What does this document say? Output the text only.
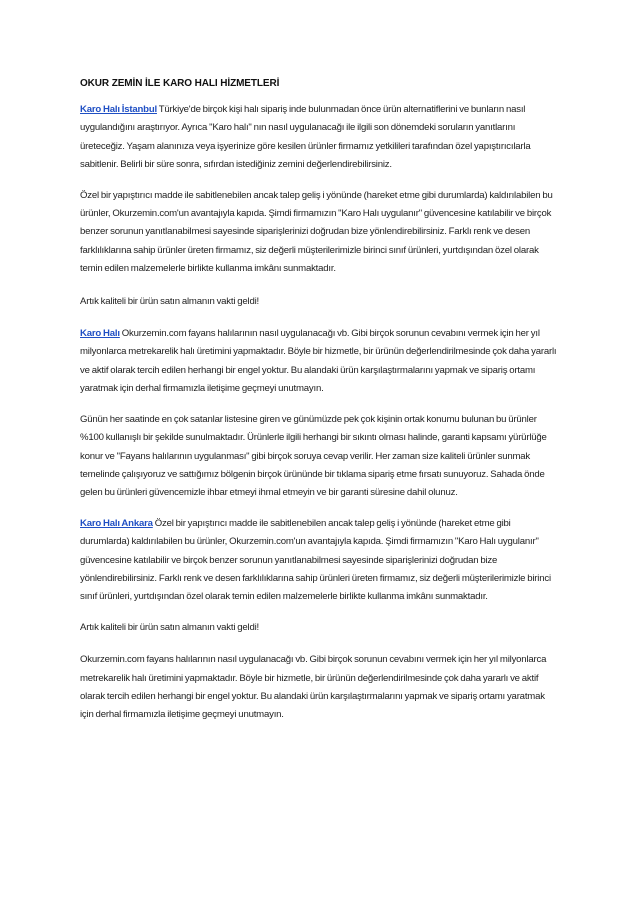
OKUR ZEMİN İLE KARO HALI HİZMETLERİ

Karo Halı İstanbul Türkiye'de birçok kişi halı sipariş inde bulunmadan önce ürün alternatiflerini ve bunların nasıl uygulandığını araştırıyor. Ayrıca "Karo halı" nın nasıl uygulanacağı ile ilgili son dönemdeki soruların yanıtlarını üreteceğiz. Yaşam alanınıza veya işyerinize göre kesilen ürünler firmamız yetkilileri tarafından özel yapıştırıcılarla sabitlenir. Belirli bir süre sonra, sıfırdan istediğiniz zemini değerlendirebilirsiniz.

Özel bir yapıştırıcı madde ile sabitlenebilen ancak talep geliş i yönünde (hareket etme gibi durumlarda) kaldırılabilen bu ürünler, Okurzemin.com'un avantajıyla kapıda. Şimdi firmamızın "Karo Halı uygulanır" güvencesine katılabilir ve birçok benzer sorunun yanıtlanabilmesi sayesinde siparişlerinizi doğrudan bize yönlendirebilirsiniz. Farklı renk ve desen farklılıklarına sahip ürünler üreten firmamız, siz değerli müşterilerimizle birinci sınıf ürünleri, yurtdışından özel olarak temin edilen malzemelerle birlikte kullanma imkânı sunmaktadır.

Artık kaliteli bir ürün satın almanın vakti geldi!

Karo Halı Okurzemin.com fayans halılarının nasıl uygulanacağı vb. Gibi birçok sorunun cevabını vermek için her yıl milyonlarca metrekarelik halı üretimini yapmaktadır. Böyle bir hizmetle, bir ürünün değerlendirilmesinde çok daha yararlı ve aktif olarak tercih edilen herhangi bir engel yoktur. Bu alandaki ürün karşılaştırmalarını yapmak ve sipariş ortamı yaratmak için derhal firmamızla iletişime geçmeyi unutmayın.

Günün her saatinde en çok satanlar listesine giren ve günümüzde pek çok kişinin ortak konumu bulunan bu ürünler %100 kullanışlı bir şekilde sunulmaktadır. Ürünlerle ilgili herhangi bir sıkıntı olması halinde, garanti kapsamı yürürlüğe konur ve "Fayans halılarının uygulanması" gibi birçok soruya cevap verilir. Her zaman size kaliteli ürünler sunmak temelinde çalışıyoruz ve sattığımız bölgenin birçok ürününde bir tıklama sipariş etme fırsatı sunuyoruz. Sahada önde gelen bu ürünleri güvencemizle ihbar etmeyi ihmal etmeyin ve bir garanti süresine dahil olunuz.

Karo Halı Ankara Özel bir yapıştırıcı madde ile sabitlenebilen ancak talep geliş i yönünde (hareket etme gibi durumlarda) kaldırılabilen bu ürünler, Okurzemin.com'un avantajıyla kapıda. Şimdi firmamızın "Karo Halı uygulanır" güvencesine katılabilir ve birçok benzer sorunun yanıtlanabilmesi sayesinde siparişlerinizi doğrudan bize yönlendirebilirsiniz. Farklı renk ve desen farklılıklarına sahip ürünleri üreten firmamız, siz değerli müşterilerimizle birinci sınıf ürünleri, yurtdışından özel olarak temin edilen malzemelerle birlikte kullanma imkânı sunmaktadır.

Artık kaliteli bir ürün satın almanın vakti geldi!

Okurzemin.com fayans halılarının nasıl uygulanacağı vb. Gibi birçok sorunun cevabını vermek için her yıl milyonlarca metrekarelik halı üretimini yapmaktadır. Böyle bir hizmetle, bir ürünün değerlendirilmesinde çok daha yararlı ve aktif olarak tercih edilen herhangi bir engel yoktur. Bu alandaki ürün karşılaştırmalarını yapmak ve sipariş ortamı yaratmak için derhal firmamızla iletişime geçmeyi unutmayın.
